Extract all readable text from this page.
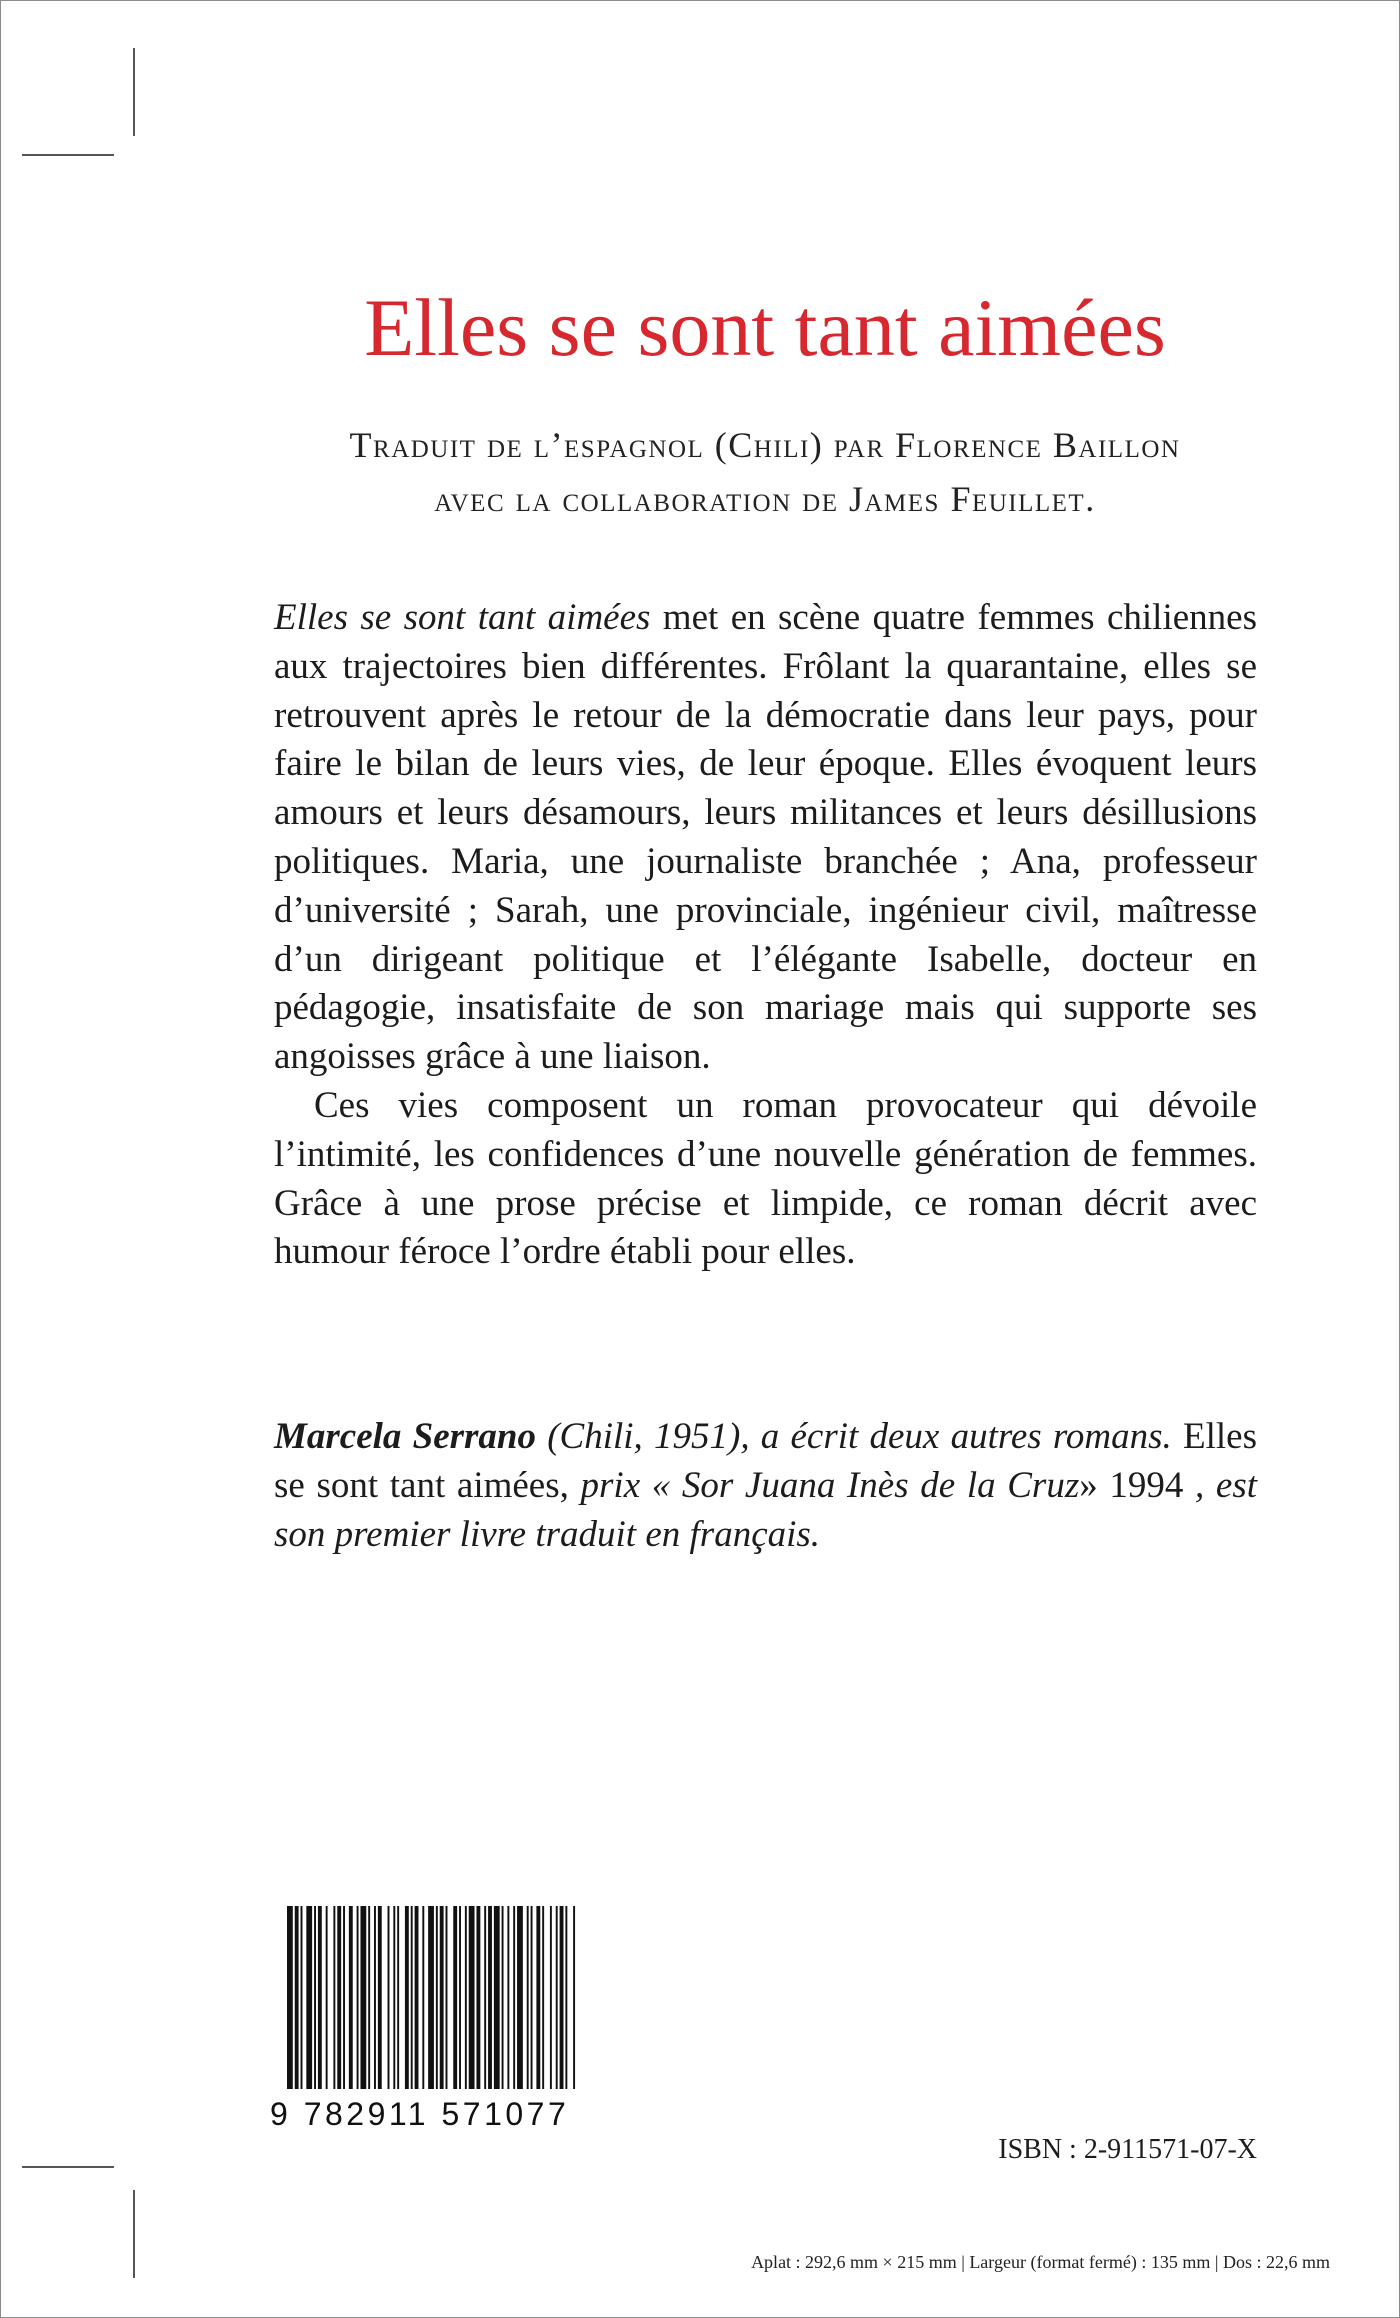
Elles se sont tant aimées
Traduit de l’espagnol (Chili) par Florence Baillon
avec la collaboration de James Feuillet.

Elles se sont tant aimées met en scène quatre femmes chiliennes aux trajectoires bien différentes. Frôlant la quarantaine, elles se retrouvent après le retour de la démocratie dans leur pays, pour faire le bilan de leurs vies, de leur époque. Elles évoquent leurs amours et leurs désamours, leurs militances et leurs désillusions politiques. Maria, une journaliste branchée ; Ana, professeur d’université ; Sarah, une provinciale, ingénieur civil, maîtresse d’un dirigeant politique et l’élégante Isabelle, docteur en pédagogie, insatisfaite de son mariage mais qui supporte ses angoisses grâce à une liaison.

Ces vies composent un roman provocateur qui dévoile l’intimité, les confidences d’une nouvelle génération de femmes. Grâce à une prose précise et limpide, ce roman décrit avec humour féroce l’ordre établi pour elles.

Marcela Serrano (Chili, 1951), a écrit deux autres romans. Elles se sont tant aimées, prix « Sor Juana Inès de la Cruz» 1994 , est son premier livre traduit en français.
9 782911 571077
ISBN : 2-911571-07-X
Aplat : 292,6 mm × 215 mm | Largeur (format fermé) : 135 mm | Dos : 22,6 mm
